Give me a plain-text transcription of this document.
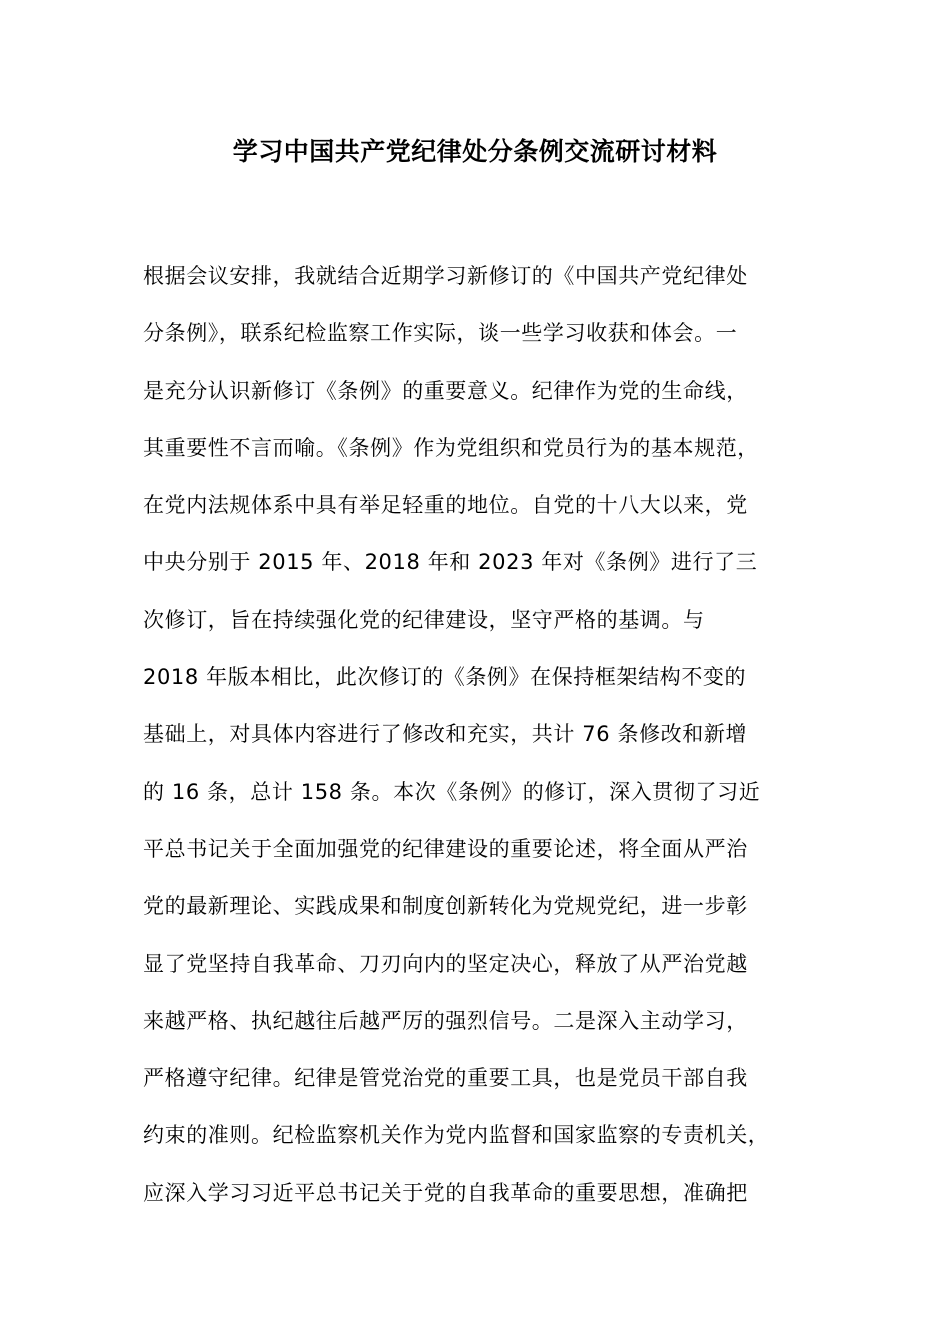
学习中国共产党纪律处分条例交流研讨材料
根据会议安排，我就结合近期学习新修订的《中国共产党纪律处
分条例》，联系纪检监察工作实际，谈一些学习收获和体会。一
是充分认识新修订《条例》的重要意义。纪律作为党的生命线，
其重要性不言而喻。《条例》作为党组织和党员行为的基本规范，
在党内法规体系中具有举足轻重的地位。自党的十八大以来，党
中央分别于 2015 年、2018 年和 2023 年对《条例》进行了三
次修订，旨在持续强化党的纪律建设，坚守严格的基调。与
2018 年版本相比，此次修订的《条例》在保持框架结构不变的
基础上，对具体内容进行了修改和充实，共计 76 条修改和新增
的 16 条，总计 158 条。本次《条例》的修订，深入贯彻了习近
平总书记关于全面加强党的纪律建设的重要论述，将全面从严治
党的最新理论、实践成果和制度创新转化为党规党纪，进一步彰
显了党坚持自我革命、刀刃向内的坚定决心，释放了从严治党越
来越严格、执纪越往后越严厉的强烈信号。二是深入主动学习，
严格遵守纪律。纪律是管党治党的重要工具，也是党员干部自我
约束的准则。纪检监察机关作为党内监督和国家监察的专责机关，
应深入学习习近平总书记关于党的自我革命的重要思想，准确把
